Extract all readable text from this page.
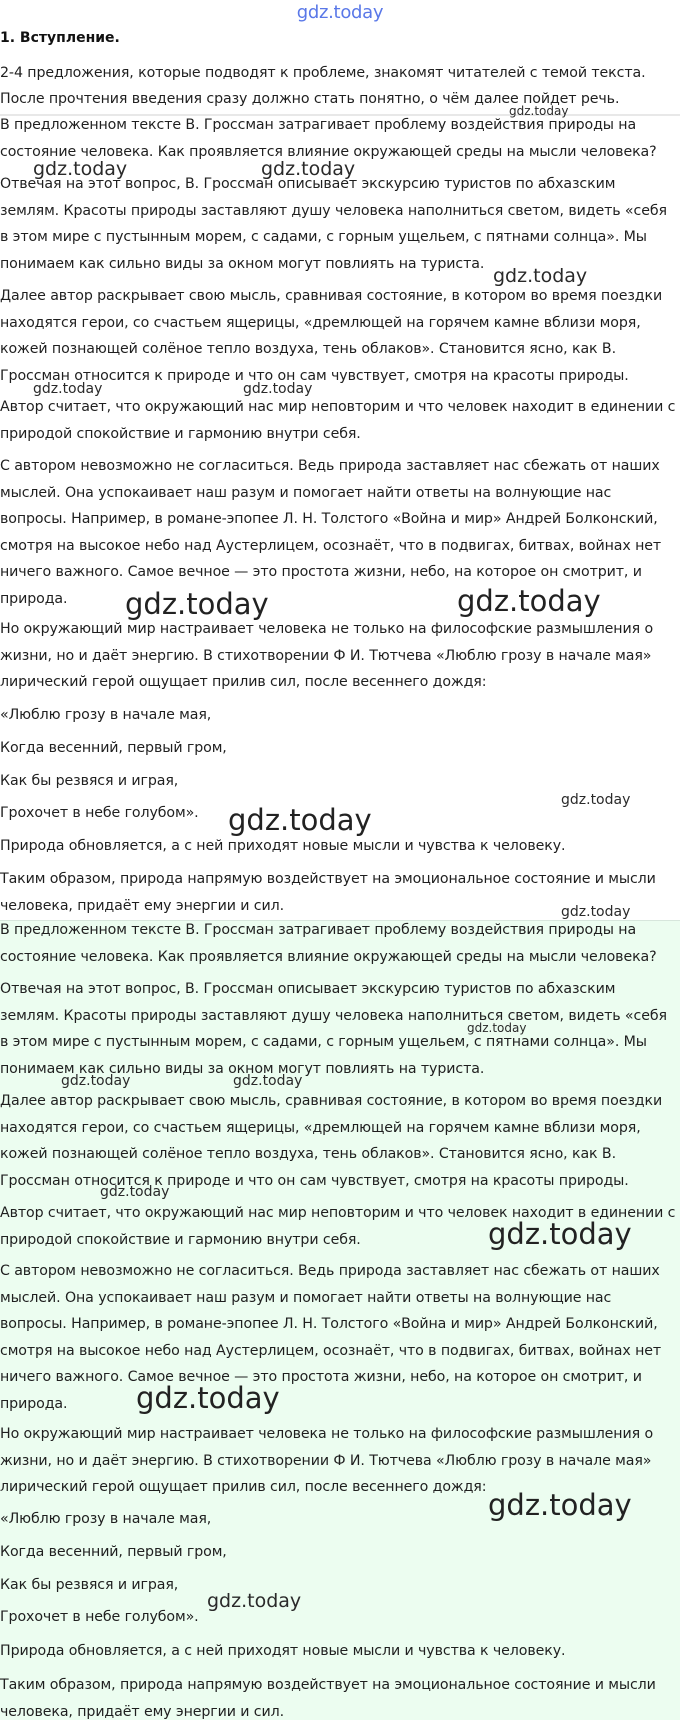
gdz.today
1. Вступление.

2-4 предложения, которые подводят к проблеме, знакомят читателей с темой текста.

После прочтения введения сразу должно стать понятно, о чём далее пойдет речь.

В предложенном тексте В. Гроссман затрагивает проблему воздействия природы на состояние человека. Как проявляется влияние окружающей среды на мысли человека?

Отвечая на этот вопрос, В. Гроссман описывает экскурсию туристов по абхазским землям. Красоты природы заставляют душу человека наполниться светом, видеть «себя в этом мире с пустынным морем, с садами, с горным ущельем, с пятнами солнца». Мы понимаем как сильно виды за окном могут повлиять на туриста.

Далее автор раскрывает свою мысль, сравнивая состояние, в котором во время поездки находятся герои, со счастьем ящерицы, «дремлющей на горячем камне вблизи моря, кожей познающей солёное тепло воздуха, тень облаков». Становится ясно, как В. Гроссман относится к природе и что он сам чувствует, смотря на красоты природы.

Автор считает, что окружающий нас мир неповторим и что человек находит в единении с природой спокойствие и гармонию внутри себя.

С автором невозможно не согласиться. Ведь природа заставляет нас сбежать от наших мыслей. Она успокаивает наш разум и помогает найти ответы на волнующие нас вопросы. Например, в романе-эпопее Л. Н. Толстого «Война и мир» Андрей Болконский, смотря на высокое небо над Аустерлицем, осознаёт, что в подвигах, битвах, войнах нет ничего важного. Самое вечное — это простота жизни, небо, на которое он смотрит, и природа.

Но окружающий мир настраивает человека не только на философские размышления о жизни, но и даёт энергию. В стихотворении Ф И. Тютчева «Люблю грозу в начале мая» лирический герой ощущает прилив сил, после весеннего дождя:

«Люблю грозу в начале мая,

Когда весенний, первый гром,

Как бы резвяся и играя,

Грохочет в небе голубом».

Природа обновляется, а с ней приходят новые мысли и чувства к человеку.

Таким образом, природа напрямую воздействует на эмоциональное состояние и мысли человека, придаёт ему энергии и сил.

В предложенном тексте В. Гроссман затрагивает проблему воздействия природы на состояние человека. Как проявляется влияние окружающей среды на мысли человека?

Отвечая на этот вопрос, В. Гроссман описывает экскурсию туристов по абхазским землям. Красоты природы заставляют душу человека наполниться светом, видеть «себя в этом мире с пустынным морем, с садами, с горным ущельем, с пятнами солнца». Мы понимаем как сильно виды за окном могут повлиять на туриста.

Далее автор раскрывает свою мысль, сравнивая состояние, в котором во время поездки находятся герои, со счастьем ящерицы, «дремлющей на горячем камне вблизи моря, кожей познающей солёное тепло воздуха, тень облаков». Становится ясно, как В. Гроссман относится к природе и что он сам чувствует, смотря на красоты природы.

Автор считает, что окружающий нас мир неповторим и что человек находит в единении с природой спокойствие и гармонию внутри себя.

С автором невозможно не согласиться. Ведь природа заставляет нас сбежать от наших мыслей. Она успокаивает наш разум и помогает найти ответы на волнующие нас вопросы. Например, в романе-эпопее Л. Н. Толстого «Война и мир» Андрей Болконский, смотря на высокое небо над Аустерлицем, осознаёт, что в подвигах, битвах, войнах нет ничего важного. Самое вечное — это простота жизни, небо, на которое он смотрит, и природа.

Но окружающий мир настраивает человека не только на философские размышления о жизни, но и даёт энергию. В стихотворении Ф И. Тютчева «Люблю грозу в начале мая» лирический герой ощущает прилив сил, после весеннего дождя:

«Люблю грозу в начале мая,

Когда весенний, первый гром,

Как бы резвяся и играя,

Грохочет в небе голубом».

Природа обновляется, а с ней приходят новые мысли и чувства к человеку.

Таким образом, природа напрямую воздействует на эмоциональное состояние и мысли человека, придаёт ему энергии и сил.

gdz.today
gdz.today	gdz.today
gdz.today
gdz.today	gdz.today
gdz.today	gdz.today
gdz.today
gdz.today
gdz.today
gdz.today
gdz.today	gdz.today
gdz.today
gdz.today
gdz.today
gdz.today
gdz.today
